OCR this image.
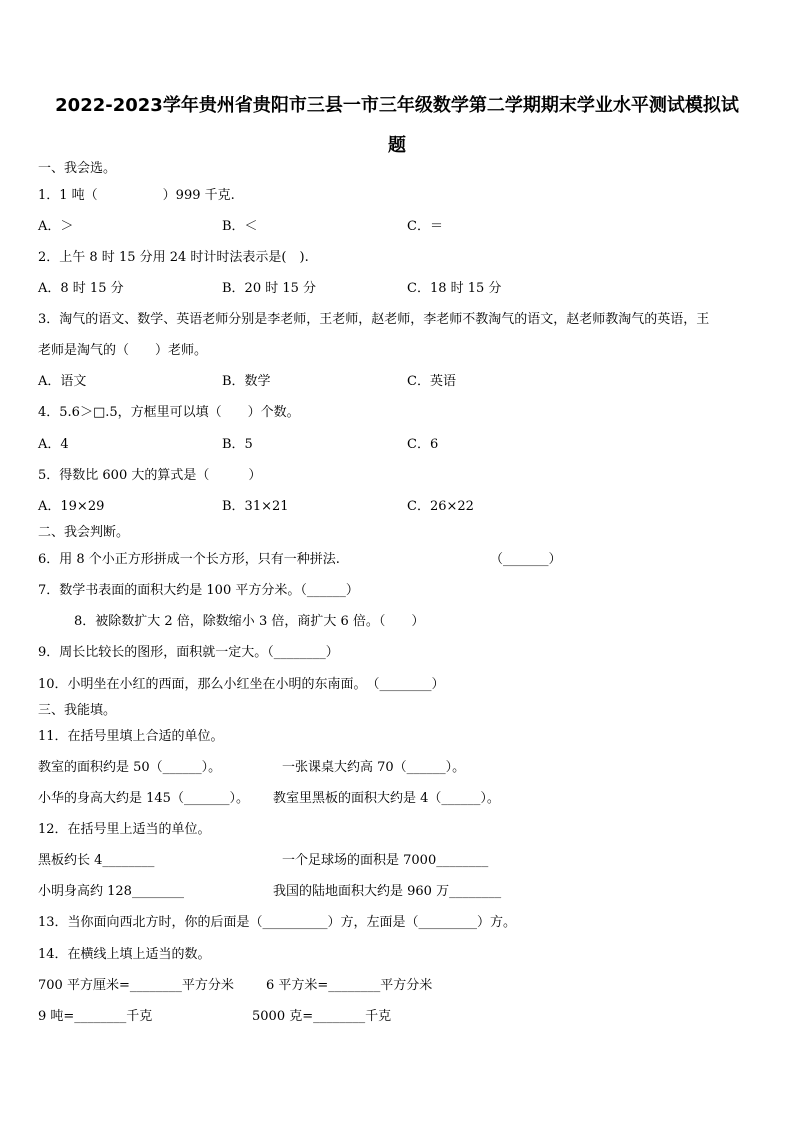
2022-2023学年贵州省贵阳市三县一市三年级数学第二学期期末学业水平测试模拟试
题
一、我会选。
1．1 吨（　　　　　）999 千克.
A．＞	B．＜	C．＝
2．上午 8 时 15 分用 24 时计时法表示是(　).
A．8 时 15 分	B．20 时 15 分	C．18 时 15 分
3．淘气的语文、数学、英语老师分别是李老师，王老师，赵老师，李老师不教淘气的语文，赵老师教淘气的英语，王
老师是淘气的（　　）老师。
A．语文	B．数学	C．英语
4．5.6＞□.5，方框里可以填（　　）个数。
A．4	B．5	C．6
5．得数比 600 大的算式是（　　　）
A．19×29	B．31×21	C．26×22
二、我会判断。
6．用 8 个小正方形拼成一个长方形，只有一种拼法.	（_______）
7．数学书表面的面积大约是 100 平方分米。（______）
8．被除数扩大 2 倍，除数缩小 3 倍，商扩大 6 倍。（　　）
9．周长比较长的图形，面积就一定大。（________）
10．小明坐在小红的西面，那么小红坐在小明的东南面。　（________）
三、我能填。
11．在括号里填上合适的单位。
教室的面积约是 50（______）。	一张课桌大约高 70（______）。
小华的身高大约是 145（_______）。 教室里黑板的面积大约是 4（______）。
12．在括号里上适当的单位。
黑板约长 4________	一个足球场的面积是 7000________
小明身高约 128________	我国的陆地面积大约是 960 万________
13．当你面向西北方时，你的后面是（__________）方，左面是（_________）方。
14．在横线上填上适当的数。
700 平方厘米=________平方分米 6 平方米=________平方分米
9 吨=________千克	5000 克=________千克
